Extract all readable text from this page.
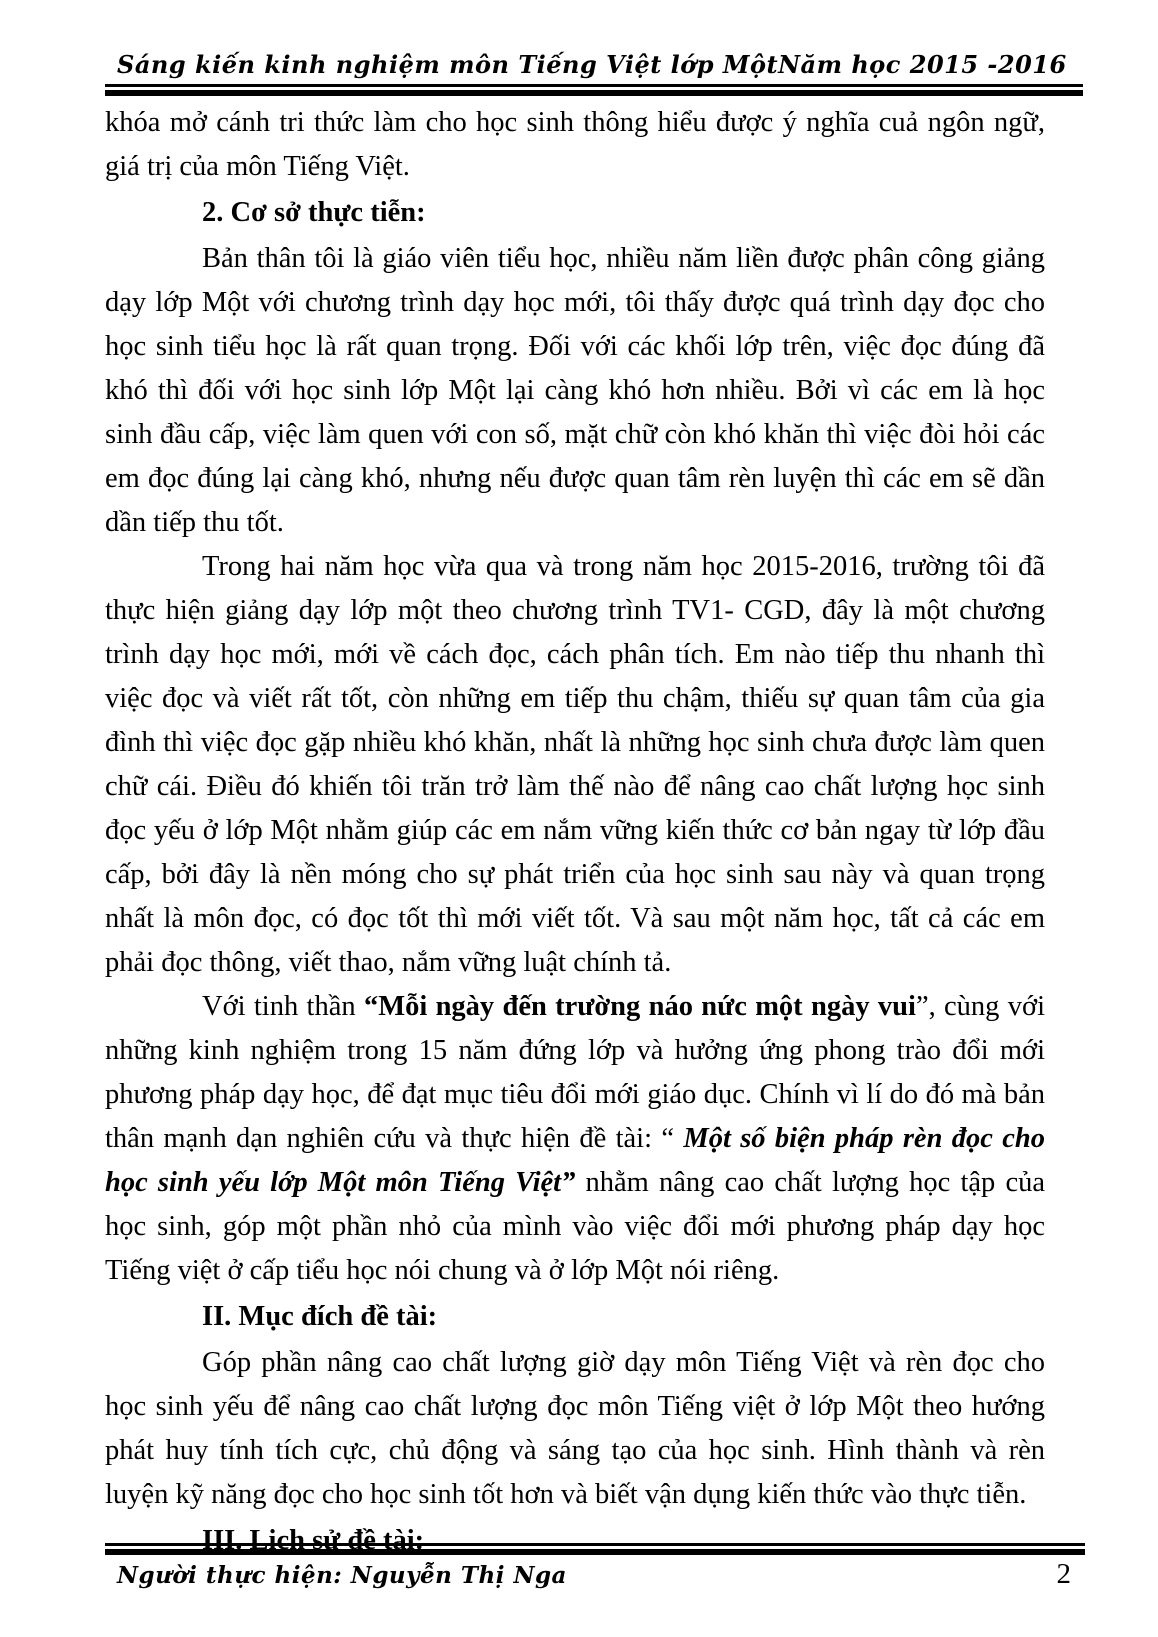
Sáng kiến kinh nghiệm môn Tiếng Việt lớp Một Năm học 2015 -2016

khóa mở cánh tri thức làm cho học sinh thông hiểu được ý nghĩa cuả ngôn ngữ, giá trị của môn Tiếng Việt.

2. Cơ sở thực tiễn:

Bản thân tôi là giáo viên tiểu học, nhiều năm liền được phân công giảng dạy lớp Một với chương trình dạy học mới, tôi thấy được quá trình dạy đọc cho học sinh tiểu học là rất quan trọng. Đối với các khối lớp trên, việc đọc đúng đã khó thì đối với học sinh lớp Một lại càng khó hơn nhiều. Bởi vì các em là học sinh đầu cấp, việc làm quen với con số, mặt chữ còn khó khăn thì việc đòi hỏi các em đọc đúng lại càng khó, nhưng nếu được quan tâm rèn luyện thì các em sẽ dần dần tiếp thu tốt.

Trong hai năm học vừa qua và trong năm học 2015-2016, trường tôi đã thực hiện giảng dạy lớp một theo chương trình TV1- CGD, đây là một chương trình dạy học mới, mới về cách đọc, cách phân tích. Em nào tiếp thu nhanh thì việc đọc và viết rất tốt, còn những em tiếp thu chậm, thiếu sự quan tâm của gia đình thì việc đọc gặp nhiều khó khăn, nhất là những học sinh chưa được làm quen chữ cái. Điều đó khiến tôi trăn trở làm thế nào để nâng cao chất lượng học sinh đọc yếu ở lớp Một nhằm giúp các em nắm vững kiến thức cơ bản ngay từ lớp đầu cấp, bởi đây là nền móng cho sự phát triển của học sinh sau này và quan trọng nhất là môn đọc, có đọc tốt thì mới viết tốt. Và sau một năm học, tất cả các em phải đọc thông, viết thao, nắm vững luật chính tả.

Với tinh thần “Mỗi ngày đến trường náo nức một ngày vui”, cùng với những kinh nghiệm trong 15 năm đứng lớp và hưởng ứng phong trào đổi mới phương pháp dạy học, để đạt mục tiêu đổi mới giáo dục. Chính vì lí do đó mà bản thân mạnh dạn nghiên cứu và thực hiện đề tài: “ Một số biện pháp rèn đọc cho học sinh yếu lớp Một môn Tiếng Việt” nhằm nâng cao chất lượng học tập của học sinh, góp một phần nhỏ của mình vào việc đổi mới phương pháp dạy học Tiếng việt ở cấp tiểu học nói chung và ở lớp Một nói riêng.

II. Mục đích đề tài:

Góp phần nâng cao chất lượng giờ dạy môn Tiếng Việt và rèn đọc cho học sinh yếu để nâng cao chất lượng đọc môn Tiếng việt ở lớp Một theo hướng phát huy tính tích cực, chủ động và sáng tạo của học sinh. Hình thành và rèn luyện kỹ năng đọc cho học sinh tốt hơn và biết vận dụng kiến thức vào thực tiễn.

III. Lịch sử đề tài:

Người thực hiện: Nguyễn Thị Nga	2
